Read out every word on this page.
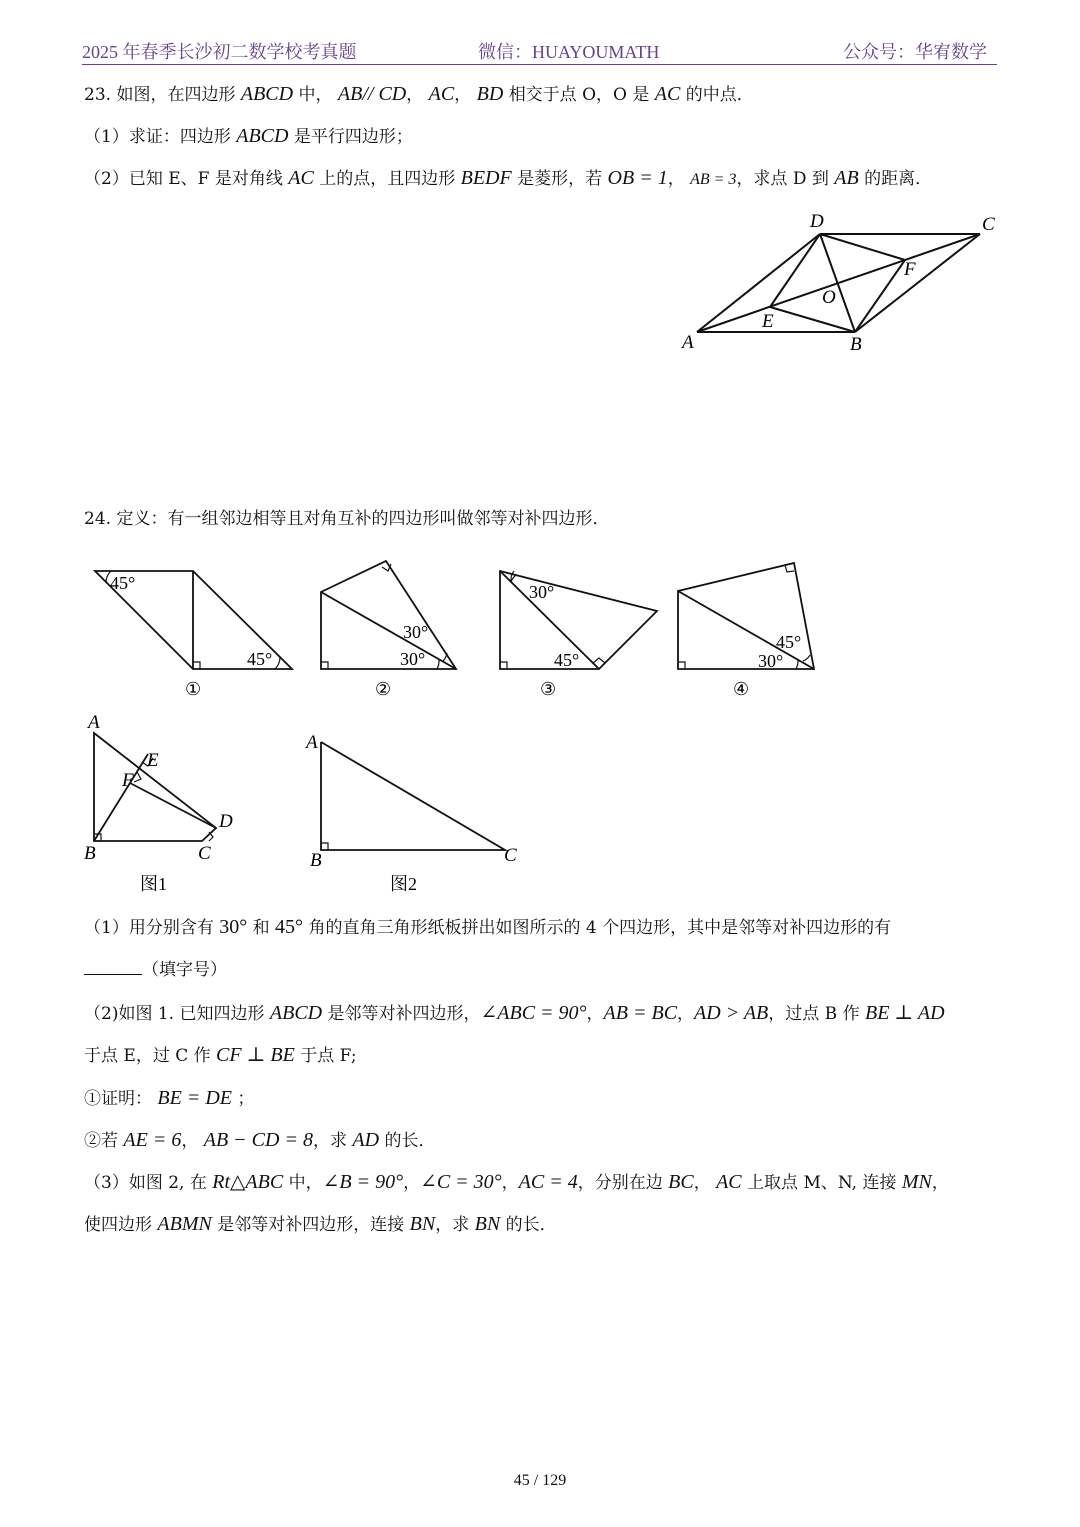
2025 年春季长沙初二数学校考真题	微信：HUAYOUMATH	公众号：华宥数学
23. 如图，在四边形 ABCD 中， AB// CD， AC， BD 相交于点 O，O 是 AC 的中点．
（1）求证：四边形 ABCD 是平行四边形；
（2）已知 E、F 是对角线 AC 上的点，且四边形 BEDF 是菱形，若 OB = 1， AB = 3，求点 D 到 AB 的距离．
A	B
C
D
E
F
O
24. 定义：有一组邻边相等且对角互补的四边形叫做邻等对补四边形．
45°
45°
30°
30°
30°
45°
45°
30°
①	②	③	④
A
B	C
D
E
F
图1
A
B	C
图2
（1）用分别含有 30° 和 45° 角的直角三角形纸板拼出如图所示的 4 个四边形，其中是邻等对补四边形的有
（填字号）
（2)如图 1. 已知四边形 ABCD 是邻等对补四边形，∠ABC = 90°，AB = BC，AD > AB，过点 B 作 BE ⊥ AD
于点 E，过 C 作 CF ⊥ BE 于点 F;
①证明： BE = DE ；
②若 AE = 6， AB − CD = 8，求 AD 的长．
（3）如图 2, 在 Rt△ABC 中，∠B = 90°，∠C = 30°，AC = 4，分别在边 BC， AC 上取点 M、N, 连接 MN，
使四边形 ABMN 是邻等对补四边形，连接 BN，求 BN 的长．
45 / 129
